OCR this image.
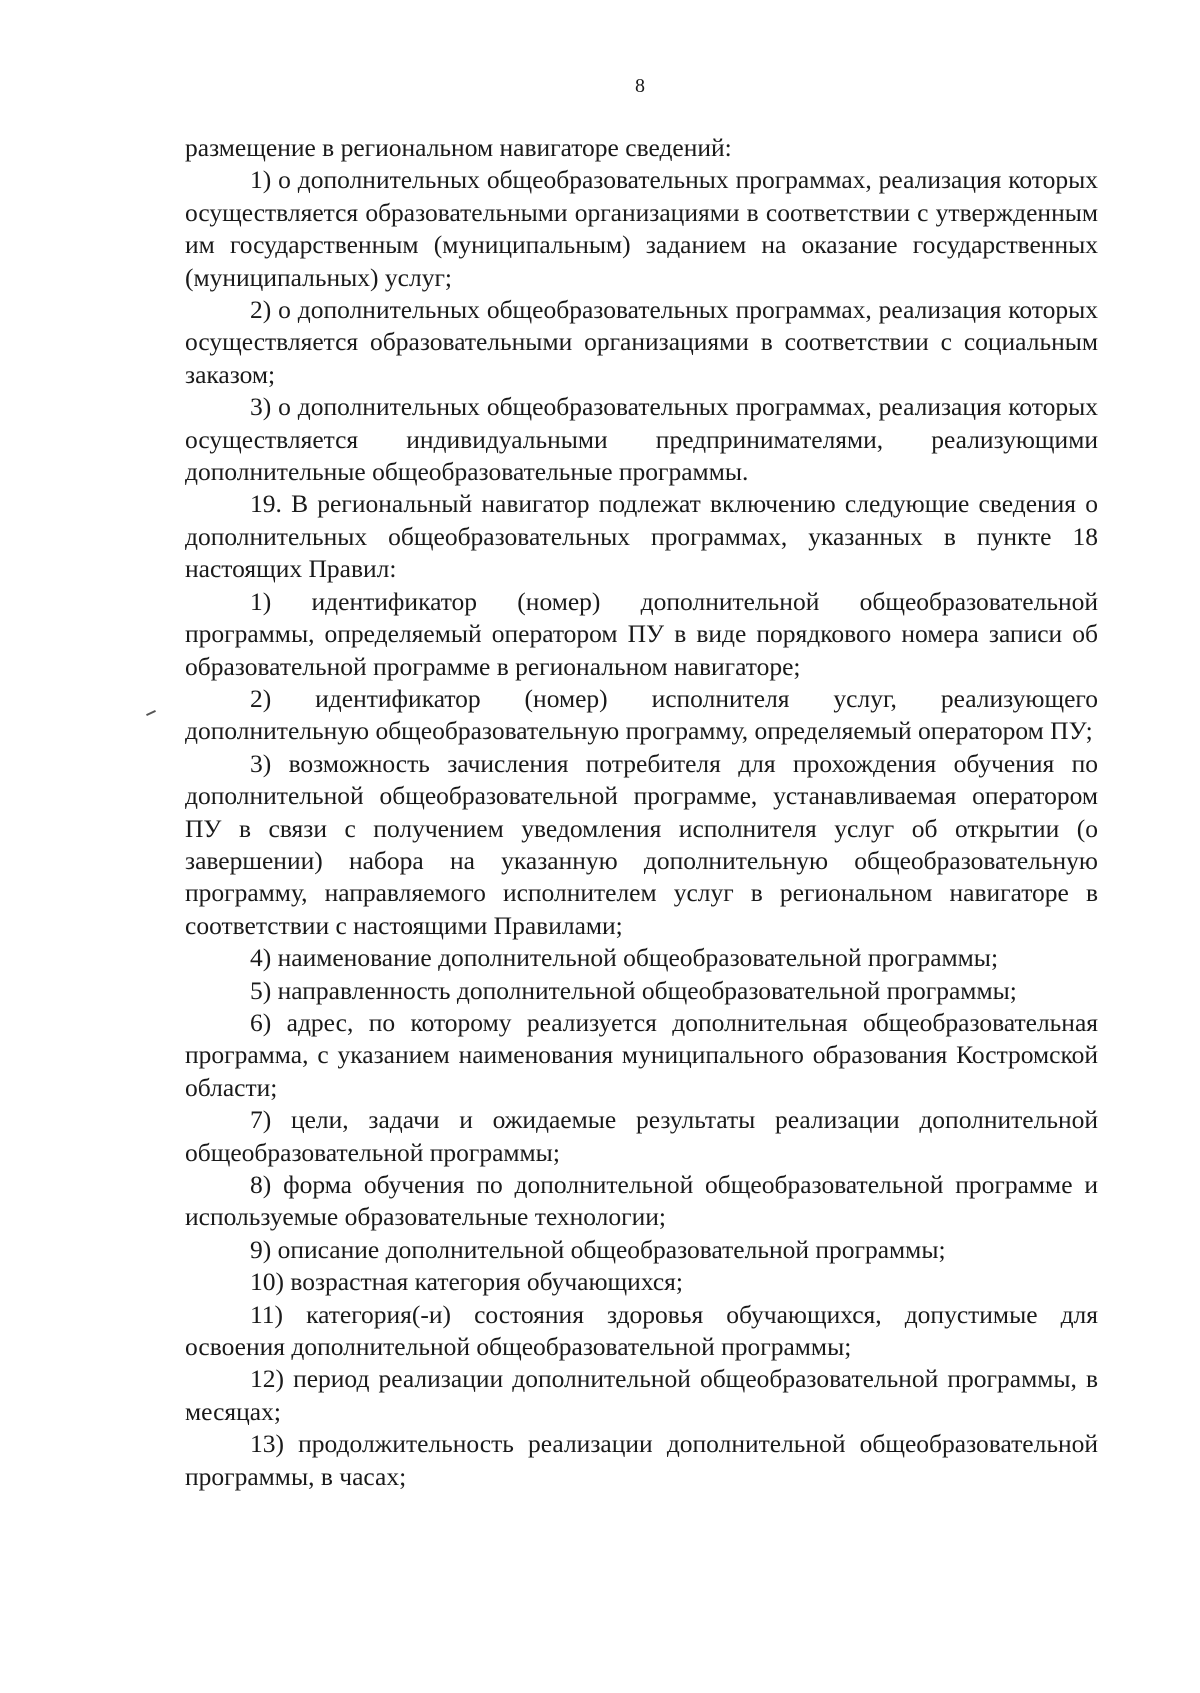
8

размещение в региональном навигаторе сведений:

1) о дополнительных общеобразовательных программах, реализация которых осуществляется образовательными организациями в соответствии с утвержденным им государственным (муниципальным) заданием на оказание государственных (муниципальных) услуг;

2) о дополнительных общеобразовательных программах, реализация которых осуществляется образовательными организациями в соответствии с социальным заказом;

3) о дополнительных общеобразовательных программах, реализация которых осуществляется индивидуальными предпринимателями, реализующими дополнительные общеобразовательные программы.

19. В региональный навигатор подлежат включению следующие сведения о дополнительных общеобразовательных программах, указанных в пункте 18 настоящих Правил:

1) идентификатор (номер) дополнительной общеобразовательной программы, определяемый оператором ПУ в виде порядкового номера записи об образовательной программе в региональном навигаторе;

2) идентификатор (номер) исполнителя услуг, реализующего дополнительную общеобразовательную программу, определяемый оператором ПУ;

3) возможность зачисления потребителя для прохождения обучения по дополнительной общеобразовательной программе, устанавливаемая оператором ПУ в связи с получением уведомления исполнителя услуг об открытии (о завершении) набора на указанную дополнительную общеобразовательную программу, направляемого исполнителем услуг в региональном навигаторе в соответствии с настоящими Правилами;

4) наименование дополнительной общеобразовательной программы;

5) направленность дополнительной общеобразовательной программы;

6) адрес, по которому реализуется дополнительная общеобразовательная программа, с указанием наименования муниципального образования Костромской области;

7) цели, задачи и ожидаемые результаты реализации дополнительной общеобразовательной программы;

8) форма обучения по дополнительной общеобразовательной программе и используемые образовательные технологии;

9) описание дополнительной общеобразовательной программы;

10) возрастная категория обучающихся;

11) категория(-и) состояния здоровья обучающихся, допустимые для освоения дополнительной общеобразовательной программы;

12) период реализации дополнительной общеобразовательной программы, в месяцах;

13) продолжительность реализации дополнительной общеобразовательной программы, в часах;
